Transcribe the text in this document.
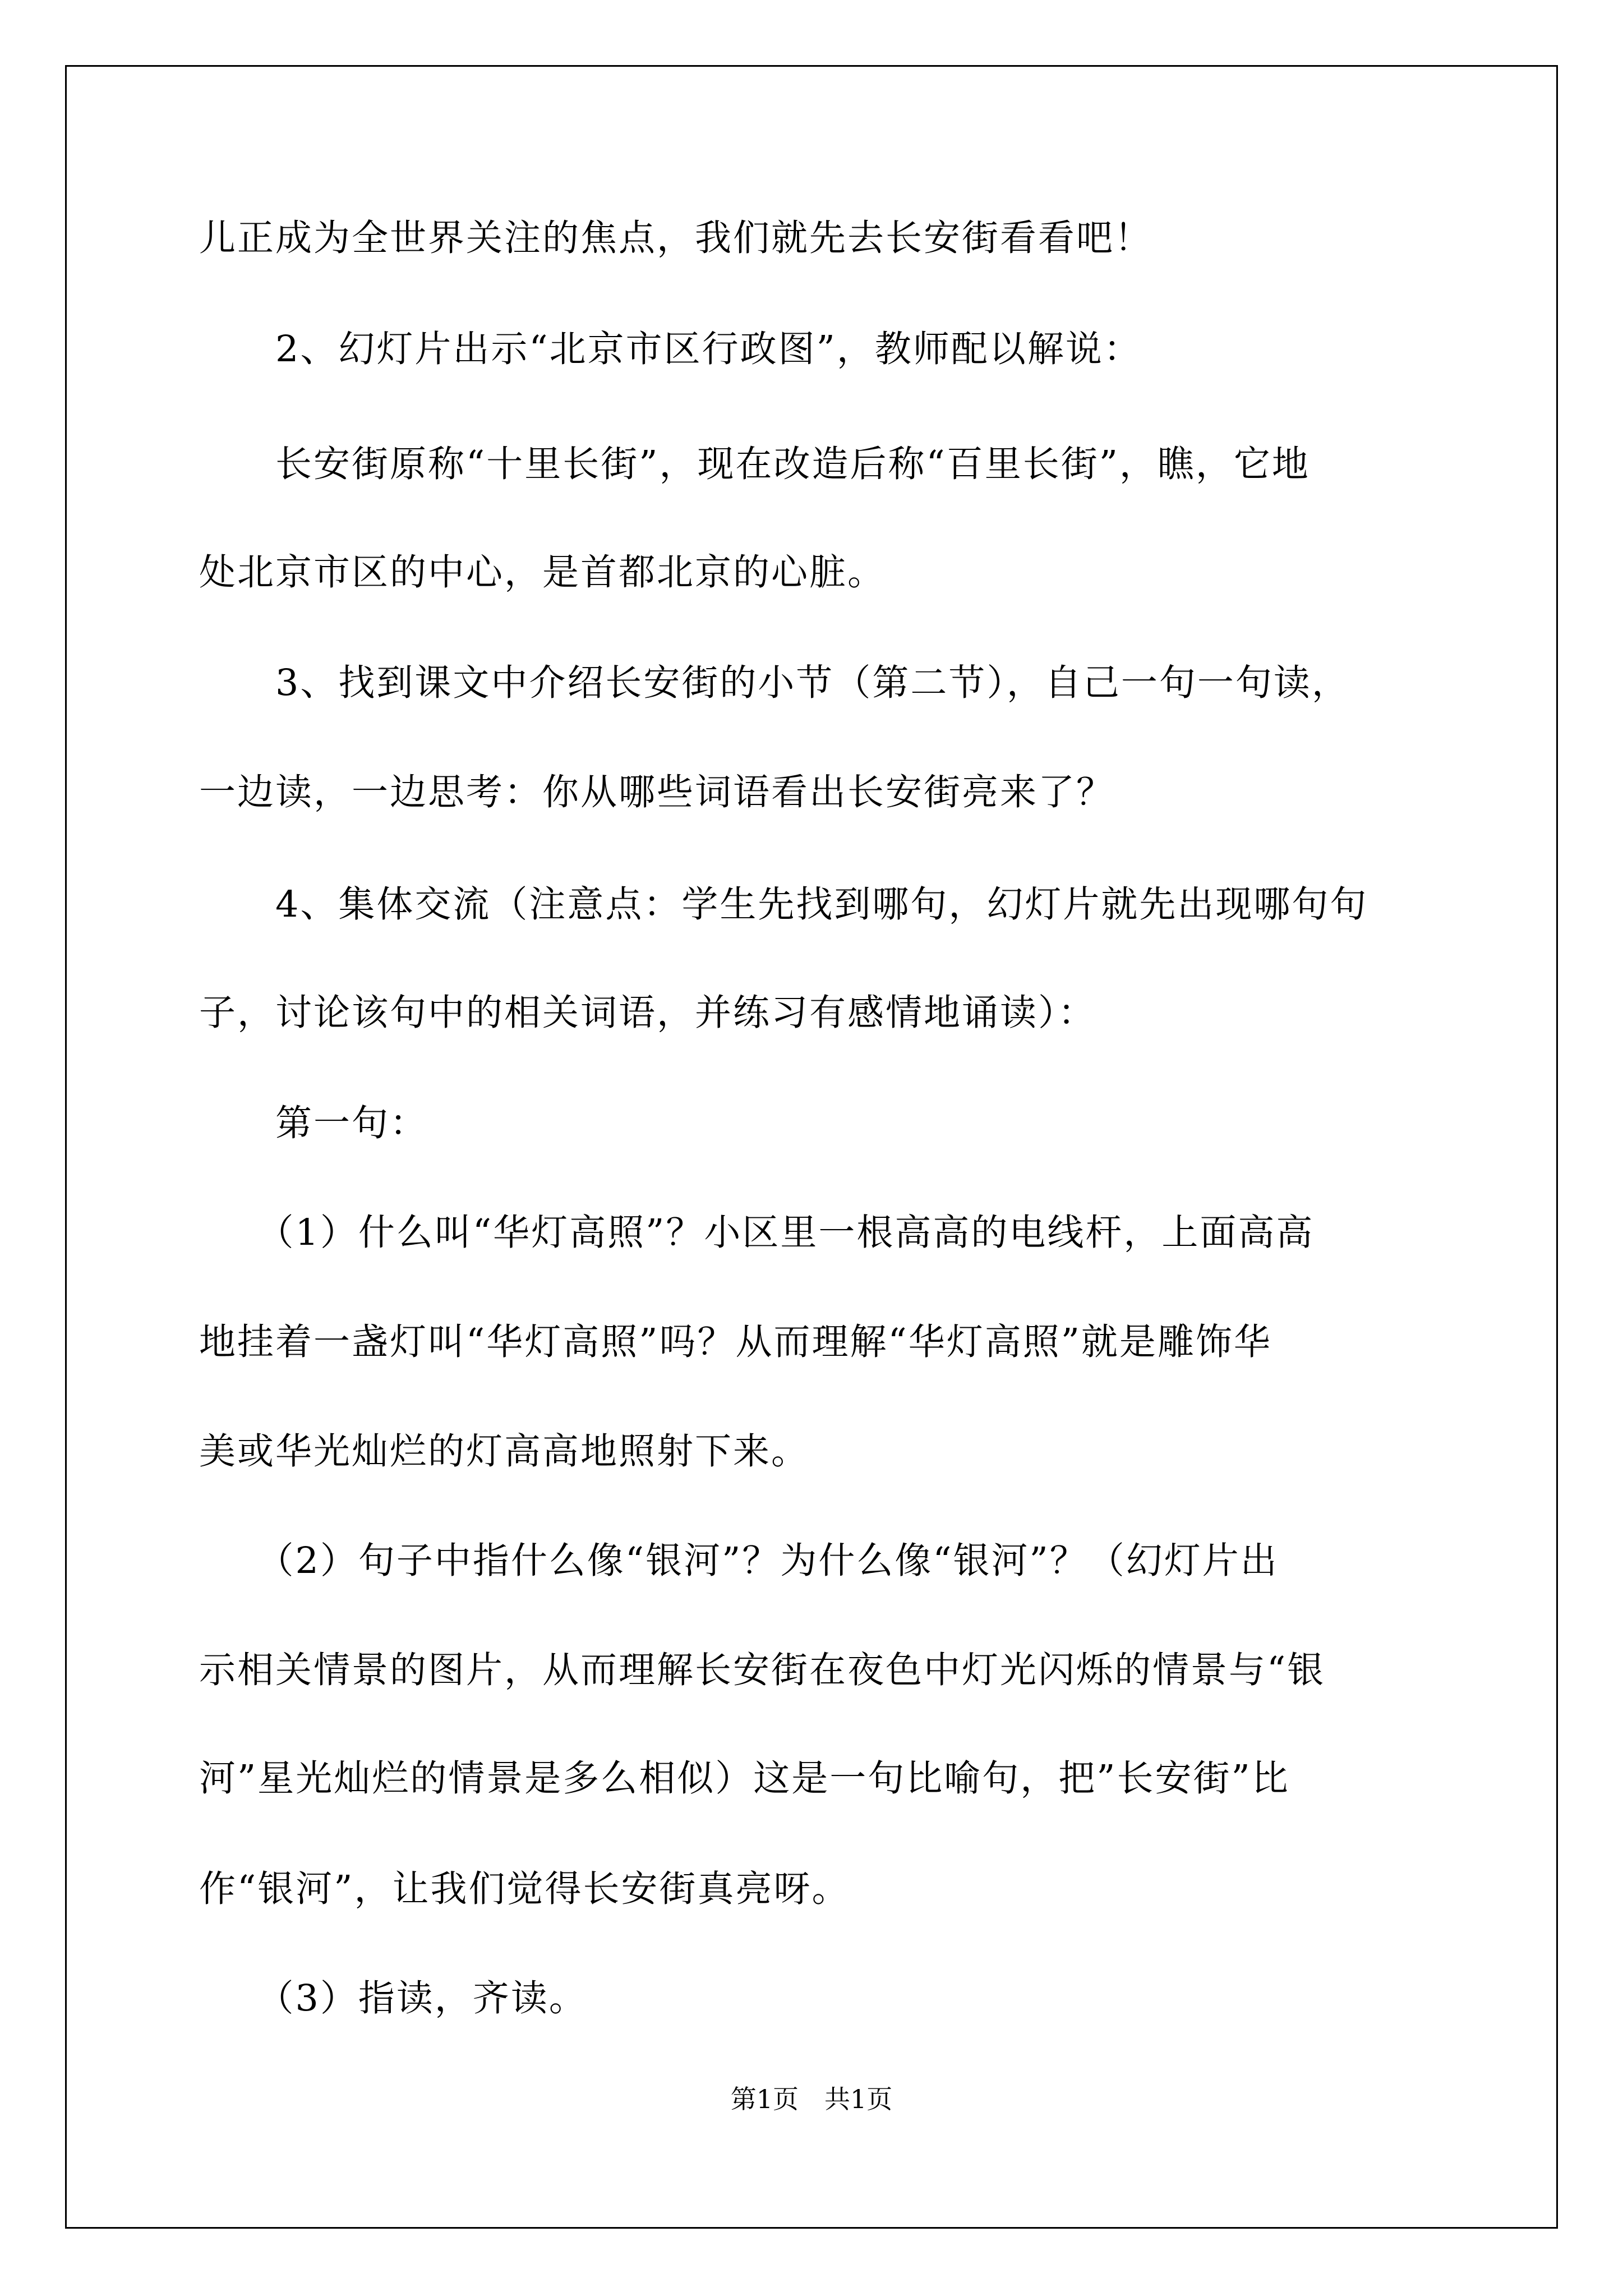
儿正成为全世界关注的焦点，我们就先去长安街看看吧！
　　2、幻灯片出示“北京市区行政图”，教师配以解说：
　　长安街原称“十里长街”，现在改造后称“百里长街”，瞧，它地
处北京市区的中心，是首都北京的心脏。
　　3、找到课文中介绍长安街的小节（第二节），自己一句一句读，
一边读，一边思考：你从哪些词语看出长安街亮来了？
　　4、集体交流（注意点：学生先找到哪句，幻灯片就先出现哪句句
子，讨论该句中的相关词语，并练习有感情地诵读）：
　　第一句：
　　（1）什么叫“华灯高照”？小区里一根高高的电线杆，上面高高
地挂着一盏灯叫“华灯高照”吗？从而理解“华灯高照”就是雕饰华
美或华光灿烂的灯高高地照射下来。
　　（2）句子中指什么像“银河”？为什么像“银河”？（幻灯片出
示相关情景的图片，从而理解长安街在夜色中灯光闪烁的情景与“银
河”星光灿烂的情景是多么相似）这是一句比喻句，把”长安街”比
作“银河”，让我们觉得长安街真亮呀。
　　（3）指读，齐读。
第1页　共1页
